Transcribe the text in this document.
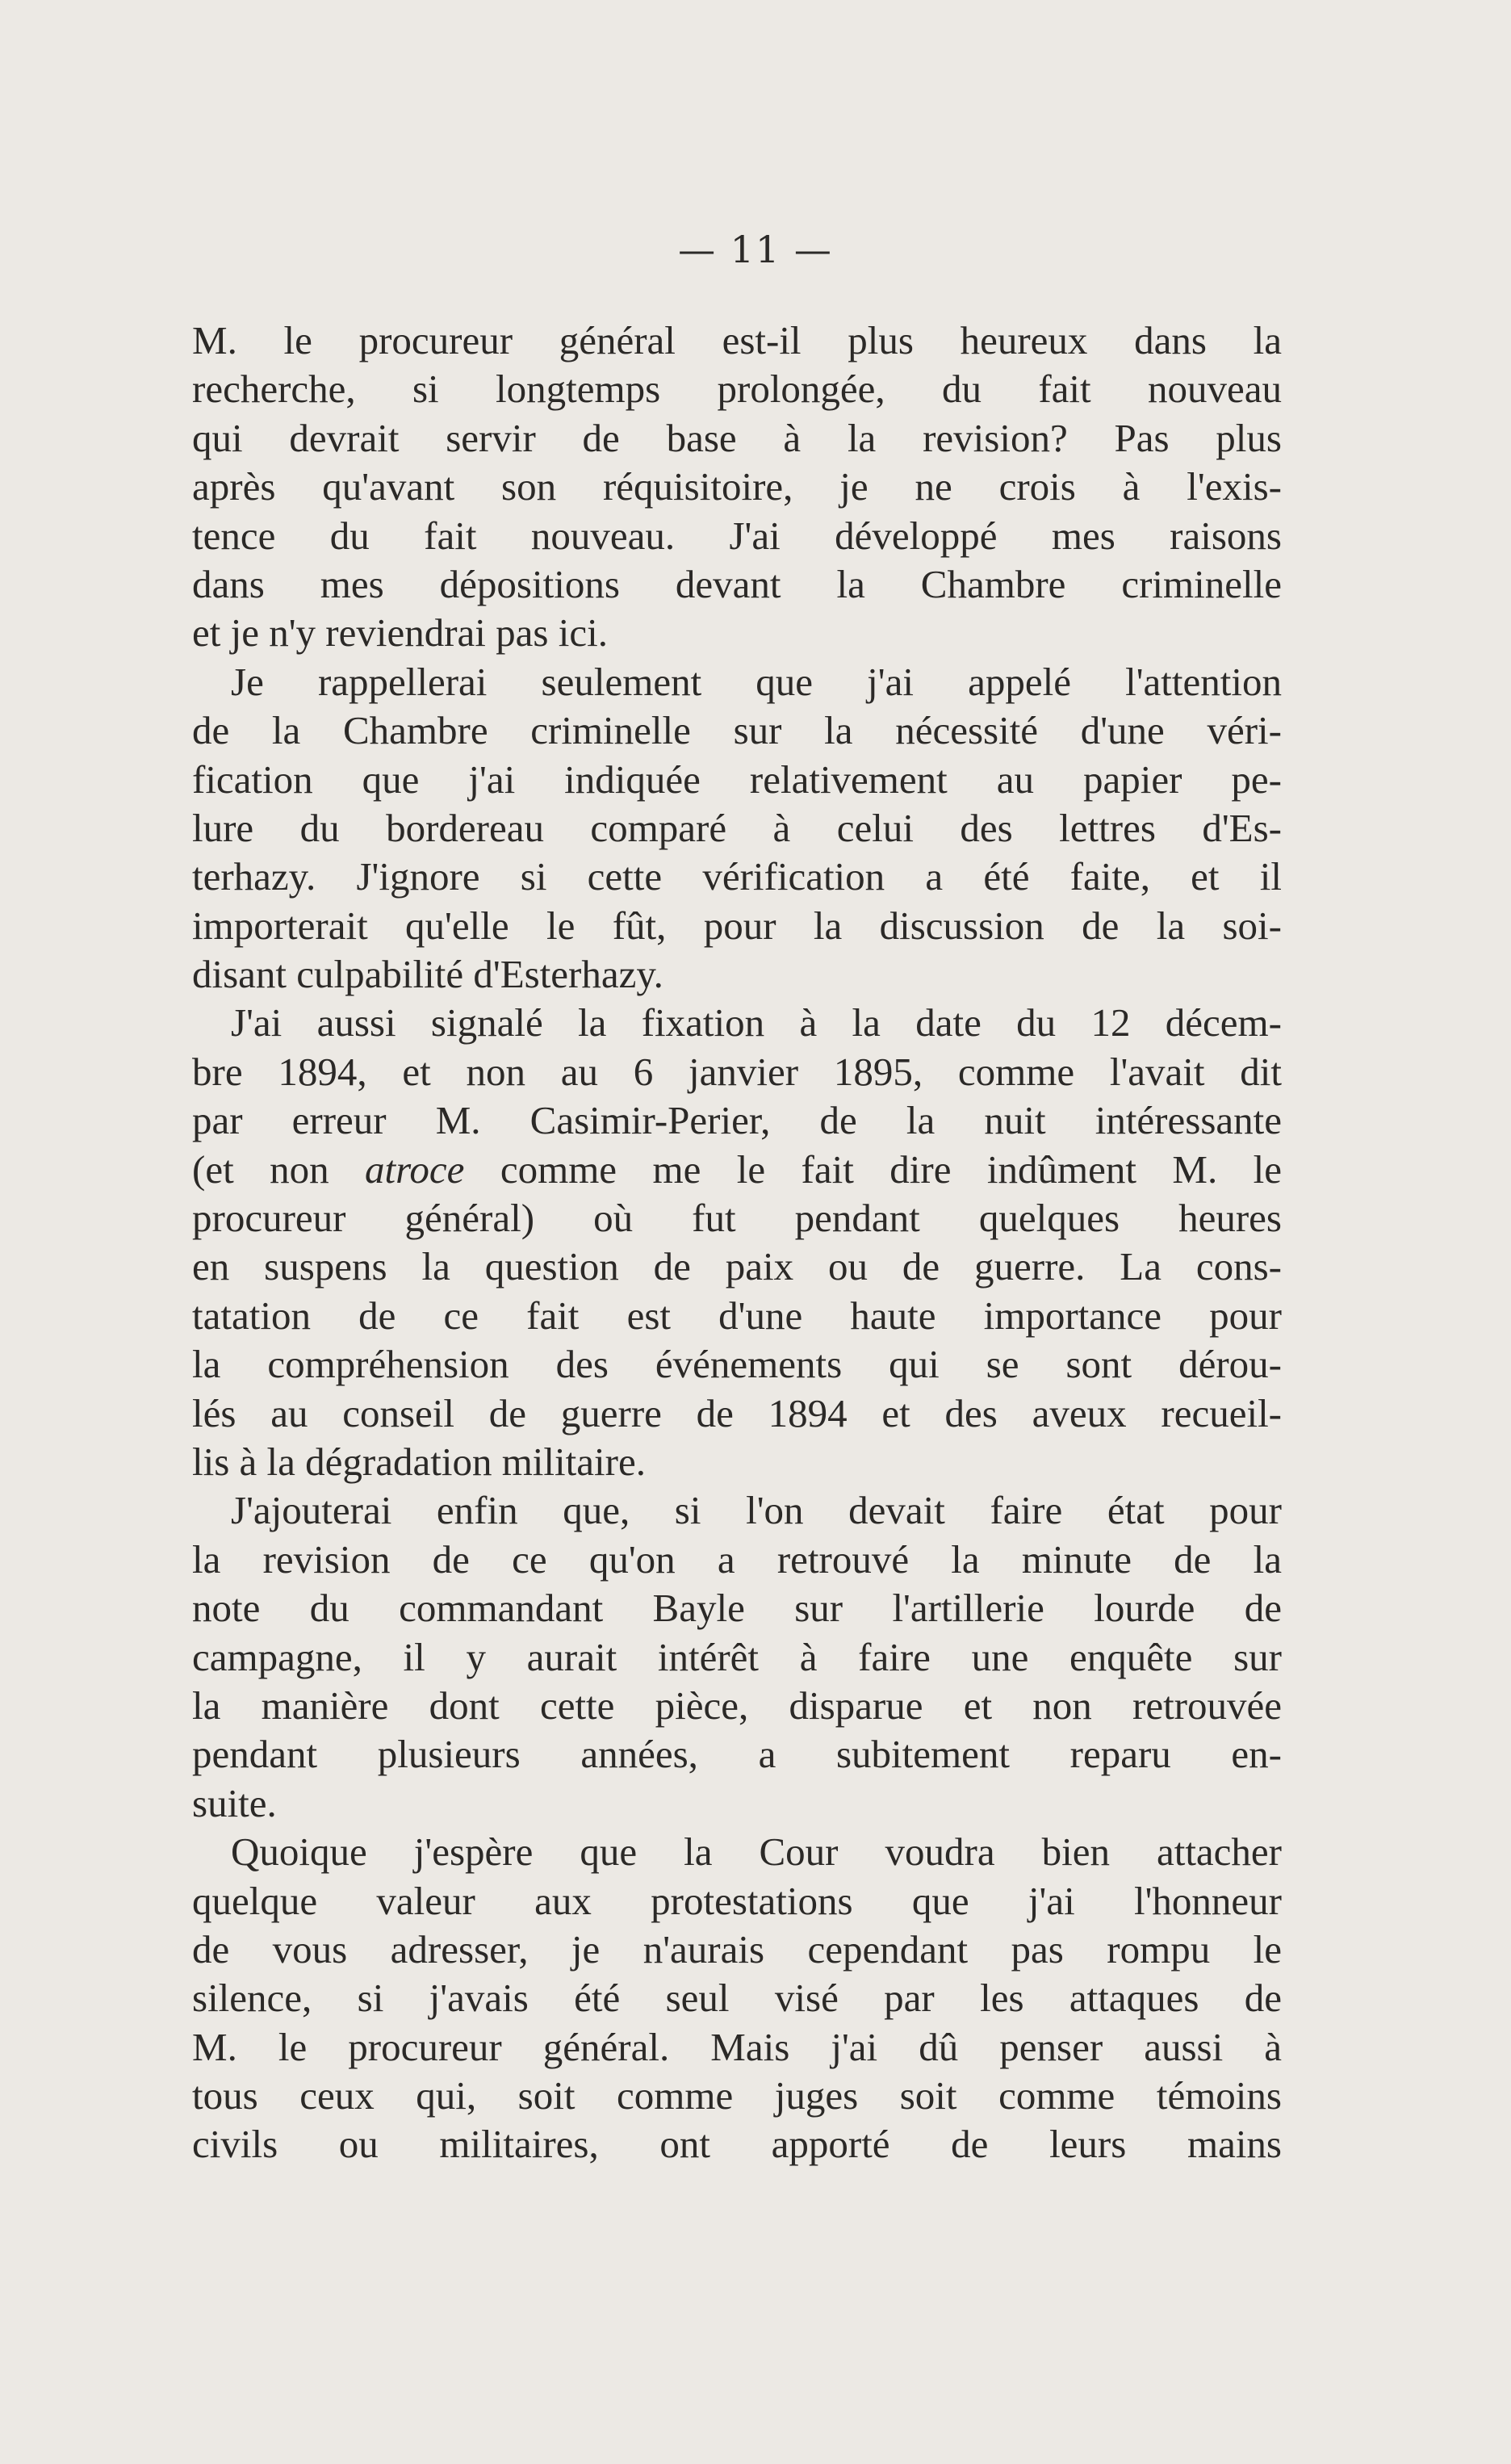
— 11 —
M. le procureur général est-il plus heureux dans la
recherche, si longtemps prolongée, du fait nouveau
qui devrait servir de base à la revision? Pas plus
après qu'avant son réquisitoire, je ne crois à l'exis-
tence du fait nouveau. J'ai développé mes raisons
dans mes dépositions devant la Chambre criminelle
et je n'y reviendrai pas ici.
Je rappellerai seulement que j'ai appelé l'attention
de la Chambre criminelle sur la nécessité d'une véri-
fication que j'ai indiquée relativement au papier pe-
lure du bordereau comparé à celui des lettres d'Es-
terhazy. J'ignore si cette vérification a été faite, et il
importerait qu'elle le fût, pour la discussion de la soi-
disant culpabilité d'Esterhazy.
J'ai aussi signalé la fixation à la date du 12 décem-
bre 1894, et non au 6 janvier 1895, comme l'avait dit
par erreur M. Casimir-Perier, de la nuit intéressante
(et non atroce comme me le fait dire indûment M. le
procureur général) où fut pendant quelques heures
en suspens la question de paix ou de guerre. La cons-
tatation de ce fait est d'une haute importance pour
la compréhension des événements qui se sont dérou-
lés au conseil de guerre de 1894 et des aveux recueil-
lis à la dégradation militaire.
J'ajouterai enfin que, si l'on devait faire état pour
la revision de ce qu'on a retrouvé la minute de la
note du commandant Bayle sur l'artillerie lourde de
campagne, il y aurait intérêt à faire une enquête sur
la manière dont cette pièce, disparue et non retrouvée
pendant plusieurs années, a subitement reparu en-
suite.
Quoique j'espère que la Cour voudra bien attacher
quelque valeur aux protestations que j'ai l'honneur
de vous adresser, je n'aurais cependant pas rompu le
silence, si j'avais été seul visé par les attaques de
M. le procureur général. Mais j'ai dû penser aussi à
tous ceux qui, soit comme juges soit comme témoins
civils ou militaires, ont apporté de leurs mains
